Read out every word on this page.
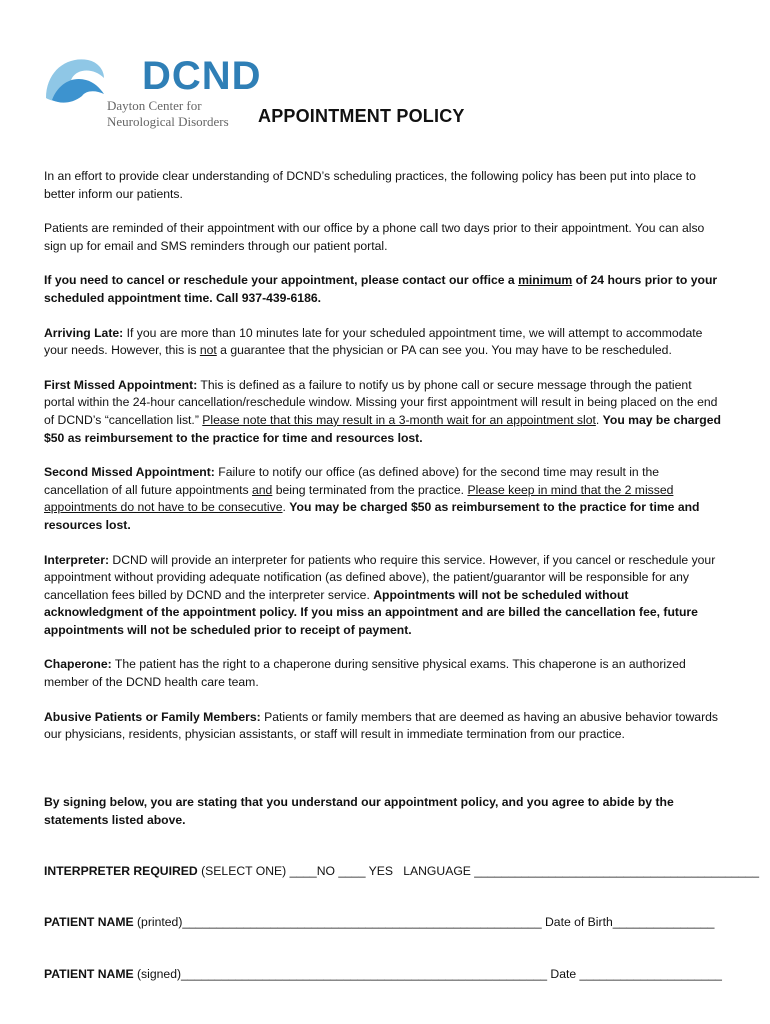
DCND
Dayton Center for
Neurological Disorders APPOINTMENT POLICY

In an effort to provide clear understanding of DCND’s scheduling practices, the following policy has been put into place to better inform our patients.

Patients are reminded of their appointment with our office by a phone call two days prior to their appointment. You can also sign up for email and SMS reminders through our patient portal.

If you need to cancel or reschedule your appointment, please contact our office a minimum of 24 hours prior to your scheduled appointment time. Call 937-439-6186.

Arriving Late: If you are more than 10 minutes late for your scheduled appointment time, we will attempt to accommodate your needs. However, this is not a guarantee that the physician or PA can see you. You may have to be rescheduled.

First Missed Appointment: This is defined as a failure to notify us by phone call or secure message through the patient portal within the 24-hour cancellation/reschedule window. Missing your first appointment will result in being placed on the end of DCND’s “cancellation list.” Please note that this may result in a 3-month wait for an appointment slot. You may be charged $50 as reimbursement to the practice for time and resources lost.

Second Missed Appointment: Failure to notify our office (as defined above) for the second time may result in the cancellation of all future appointments and being terminated from the practice. Please keep in mind that the 2 missed appointments do not have to be consecutive. You may be charged $50 as reimbursement to the practice for time and resources lost.

Interpreter: DCND will provide an interpreter for patients who require this service. However, if you cancel or reschedule your appointment without providing adequate notification (as defined above), the patient/guarantor will be responsible for any cancellation fees billed by DCND and the interpreter service. Appointments will not be scheduled without acknowledgment of the appointment policy. If you miss an appointment and are billed the cancellation fee, future appointments will not be scheduled prior to receipt of payment.

Chaperone: The patient has the right to a chaperone during sensitive physical exams. This chaperone is an authorized member of the DCND health care team.

Abusive Patients or Family Members: Patients or family members that are deemed as having an abusive behavior towards our physicians, residents, physician assistants, or staff will result in immediate termination from our practice.

By signing below, you are stating that you understand our appointment policy, and you agree to abide by the statements listed above.
INTERPRETER REQUIRED (SELECT ONE) ____NO ____ YES   LANGUAGE __________________________________________
PATIENT NAME (printed)_____________________________________________________ Date of Birth_______________
PATIENT NAME (signed)______________________________________________________ Date _____________________
